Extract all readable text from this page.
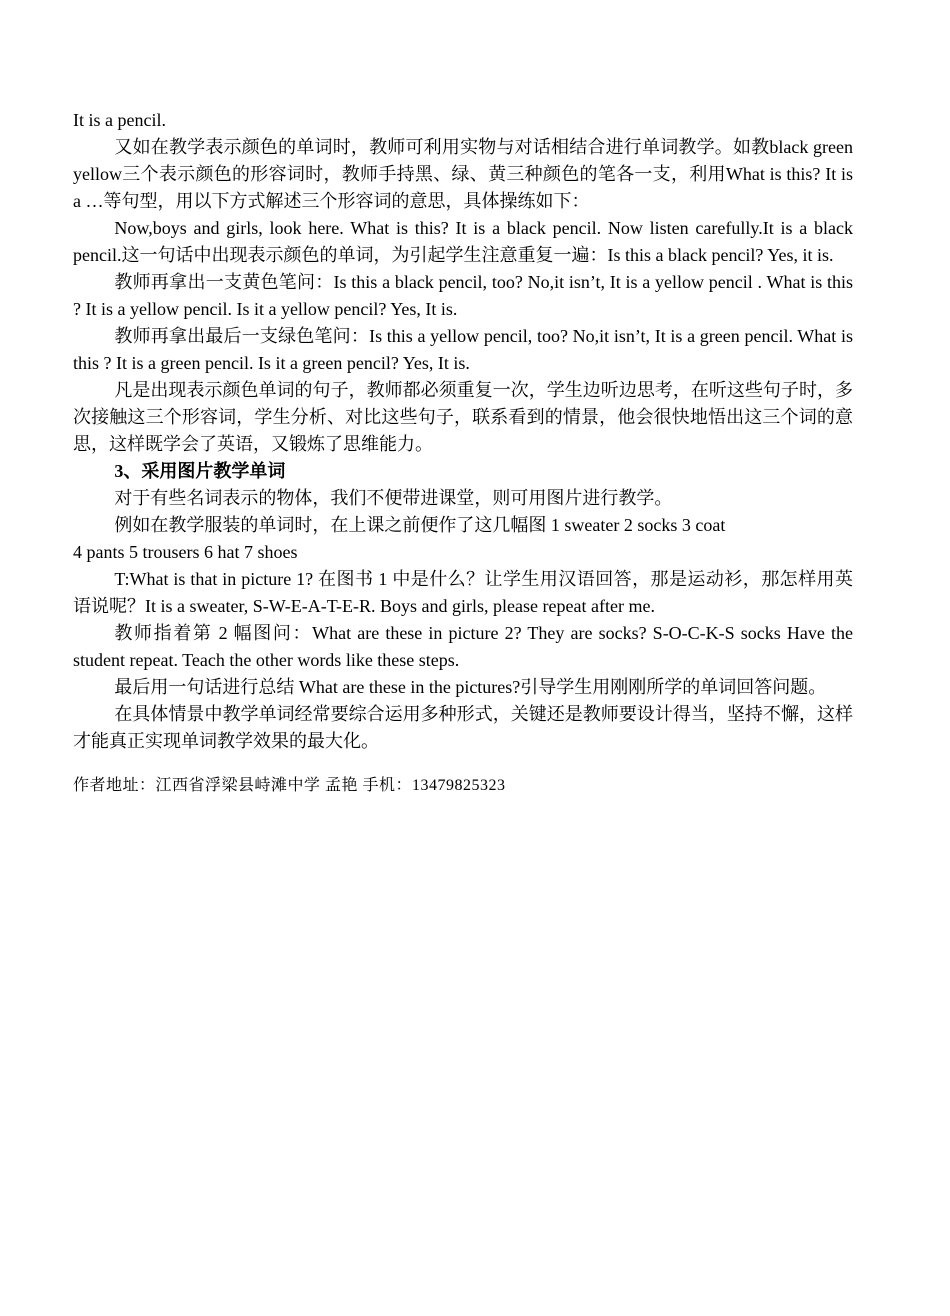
It is a pencil.

又如在教学表示颜色的单词时，教师可利用实物与对话相结合进行单词教学。如教black green yellow三个表示颜色的形容词时，教师手持黑、绿、黄三种颜色的笔各一支，利用What is this? It is a …等句型，用以下方式解述三个形容词的意思，具体操练如下：

Now,boys and girls, look here. What is this? It is a black pencil. Now listen carefully.It is a black pencil.这一句话中出现表示颜色的单词，为引起学生注意重复一遍：Is this a black pencil? Yes, it is.

教师再拿出一支黄色笔问：Is this a black pencil, too? No,it isn’t, It is a yellow pencil . What is this ? It is a yellow pencil. Is it a yellow pencil? Yes, It is.

教师再拿出最后一支绿色笔问：Is this a yellow pencil, too? No,it isn’t, It is a green pencil. What is this ? It is a green pencil. Is it a green pencil? Yes, It is.

凡是出现表示颜色单词的句子，教师都必须重复一次，学生边听边思考，在听这些句子时，多次接触这三个形容词，学生分析、对比这些句子，联系看到的情景，他会很快地悟出这三个词的意思，这样既学会了英语，又锻炼了思维能力。

3、采用图片教学单词

对于有些名词表示的物体，我们不便带进课堂，则可用图片进行教学。

例如在教学服装的单词时，在上课之前便作了这几幅图 1 sweater 2 socks 3 coat

4 pants 5 trousers 6 hat 7 shoes

T:What is that in picture 1? 在图书 1 中是什么？让学生用汉语回答，那是运动衫，那怎样用英语说呢？It is a sweater, S-W-E-A-T-E-R. Boys and girls, please repeat after me.

教师指着第 2 幅图问：What are these in picture 2? They are socks? S-O-C-K-S socks Have the student repeat. Teach the other words like these steps.

最后用一句话进行总结 What are these in the pictures?引导学生用刚刚所学的单词回答问题。

在具体情景中教学单词经常要综合运用多种形式，关键还是教师要设计得当，坚持不懈，这样才能真正实现单词教学效果的最大化。

作者地址：江西省浮梁县峙滩中学 孟艳 手机：13479825323
